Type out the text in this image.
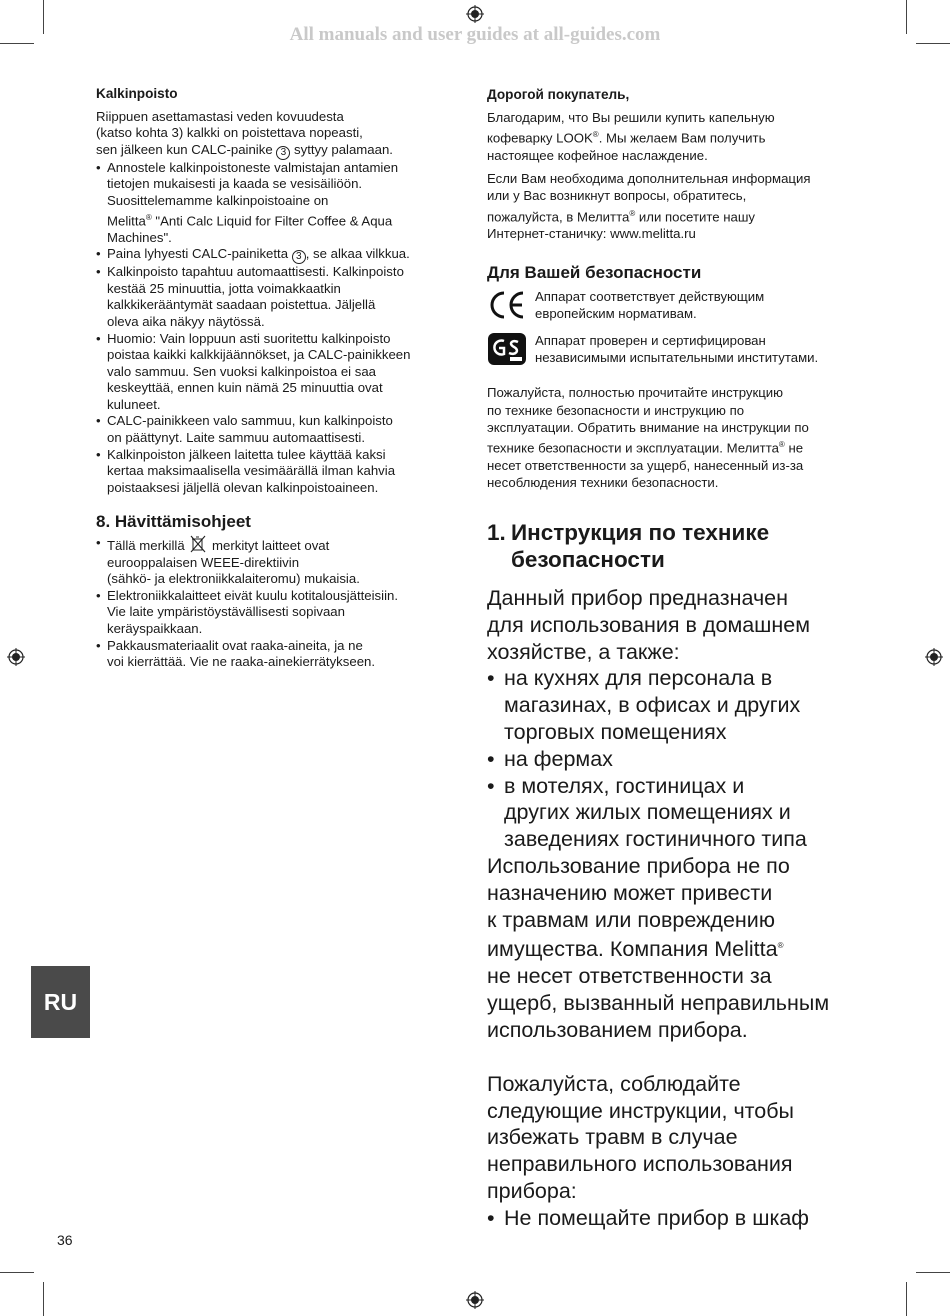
All manuals and user guides at all-guides.com
Kalkinpoisto

Riippuen asettamastasi veden kovuudesta
(katso kohta 3) kalkki on poistettava nopeasti,
sen jälkeen kun CALC-painike 3 syttyy palamaan.

• Annostele kalkinpoistoneste valmistajan antamien
tietojen mukaisesti ja kaada se vesisäiliöön.
Suosittelemamme kalkinpoistoaine on
Melitta® "Anti Calc Liquid for Filter Coffee & Aqua
Machines".
• Paina lyhyesti CALC-painiketta 3 , se alkaa vilkkua.
• Kalkinpoisto tapahtuu automaattisesti. Kalkinpoisto
kestää 25 minuuttia, jotta voimakkaatkin
kalkkikerääntymät saadaan poistettua. Jäljellä
oleva aika näkyy näytössä.
• Huomio: Vain loppuun asti suoritettu kalkinpoisto
poistaa kaikki kalkkijäännökset, ja CALC-painikkeen
valo sammuu. Sen vuoksi kalkinpoistoa ei saa
keskeyttää, ennen kuin nämä 25 minuuttia ovat
kuluneet.
• CALC-painikkeen valo sammuu, kun kalkinpoisto
on päättynyt. Laite sammuu automaattisesti.
• Kalkinpoiston jälkeen laitetta tulee käyttää kaksi
kertaa maksimaalisella vesimäärällä ilman kahvia
poistaaksesi jäljellä olevan kalkinpoistoaineen.
8. Hävittämisohjeet
• Tällä merkillä merkityt laitteet ovat
eurooppalaisen WEEE-direktiivin
(sähkö- ja elektroniikkalaiteromu) mukaisia.
• Elektroniikkalaitteet eivät kuulu kotitalousjätteisiin.
Vie laite ympäristöystävällisesti sopivaan
keräyspaikkaan.
• Pakkausmateriaalit ovat raaka-aineita, ja ne
voi kierrättää. Vie ne raaka-ainekierrätykseen.
Дорогой покупатель,

Благодарим, что Вы решили купить капельную
кофеварку LOOK®. Мы желаем Вам получить
настоящее кофейное наслаждение.

Если Вам необходима дополнительная информация
или у Вас возникнут вопросы, обратитесь,
пожалуйста, в Мелитта® или посетите нашу
Интернет-станичку: www.melitta.ru

Для Вашей безопасности
Аппарат соответствует действующим
европейским нормативам.
Аппарат проверен и сертифицирован
независимыми испытательными институтами.

Пожалуйста, полностью прочитайте инструкцию
по технике безопасности и инструкцию по
эксплуатации. Обратить внимание на инструкции по
технике безопасности и эксплуатации. Мелитта® не
несет ответственности за ущерб, нанесенный из-за
несоблюдения техники безопасности.

1. Инструкция по технике
безопасности

Данный прибор предназначен
для использования в домашнем
хозяйстве, а также:

• на кухнях для персонала в
магазинах, в офисах и других
торговых помещениях
• на фермах
• в мотелях, гостиницах и
других жилых помещениях и
заведениях гостиничного типа

Использование прибора не по
назначению может привести
к травмам или повреждению
имущества. Компания Melitta®
не несет ответственности за
ущерб, вызванный неправильным
использованием прибора.

Пожалуйста, соблюдайте
следующие инструкции, чтобы
избежать травм в случае
неправильного использования
прибора:

• Не помещайте прибор в шкаф
RU
36
